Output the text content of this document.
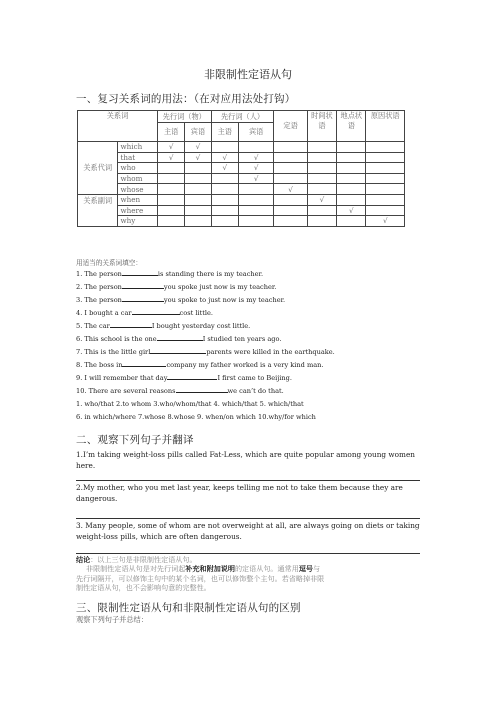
非限制性定语从句
一、复习关系词的用法：（在对应用法处打钩）
关系词		先行词（物）		先行词（人）		定语	时间状语	地点状语	原因状语
		主语	宾语	主语	宾语				
关系代词	which	√	√						
	that	√	√	√	√				
	who			√	√				
	whom				√				
	whose					√			
关系副词	when						√		
	where							√	
	why								√
用适当的关系词填空：
1. The person	is standing there is my teacher.
2. The person	you spoke just now is my teacher.
3. The person	you spoke to just now is my teacher.
4. I bought a car	cost little.
5. The car	I bought yesterday cost little.
6. This school is the one	I studied ten years ago.
7. This is the little girl	parents were killed in the earthquake.
8. The boss in	company my father worked is a very kind man.
9. I will remember that day	I first came to Beijing.
10. There are several reasons	we can’t do that.
1. who/that 2.to whom 3.who/whom/that 4. which/that 5. which/that
6. in which/where 7.whose 8.whose 9. when/on which 10.why/for which
二、观察下列句子并翻译
1.I’m taking weight-loss pills called Fat-Less, which are quite popular among young women here.
2.My mother, who you met last year, keeps telling me not to take them because they are dangerous.
3. Many people, some of whom are not overweight at all, are always going on diets or taking weight-loss pills, which are often dangerous.
结论：以上三句是非限制性定语从句。
非限制性定语从句是对先行词起补充和附加说明的定语从句。通常用逗号与
先行词隔开，可以修饰主句中的某个名词，也可以修饰整个主句。若省略掉非限
制性定语从句，也不会影响句意的完整性。
三、限制性定语从句和非限制性定语从句的区别
观察下列句子并总结：
